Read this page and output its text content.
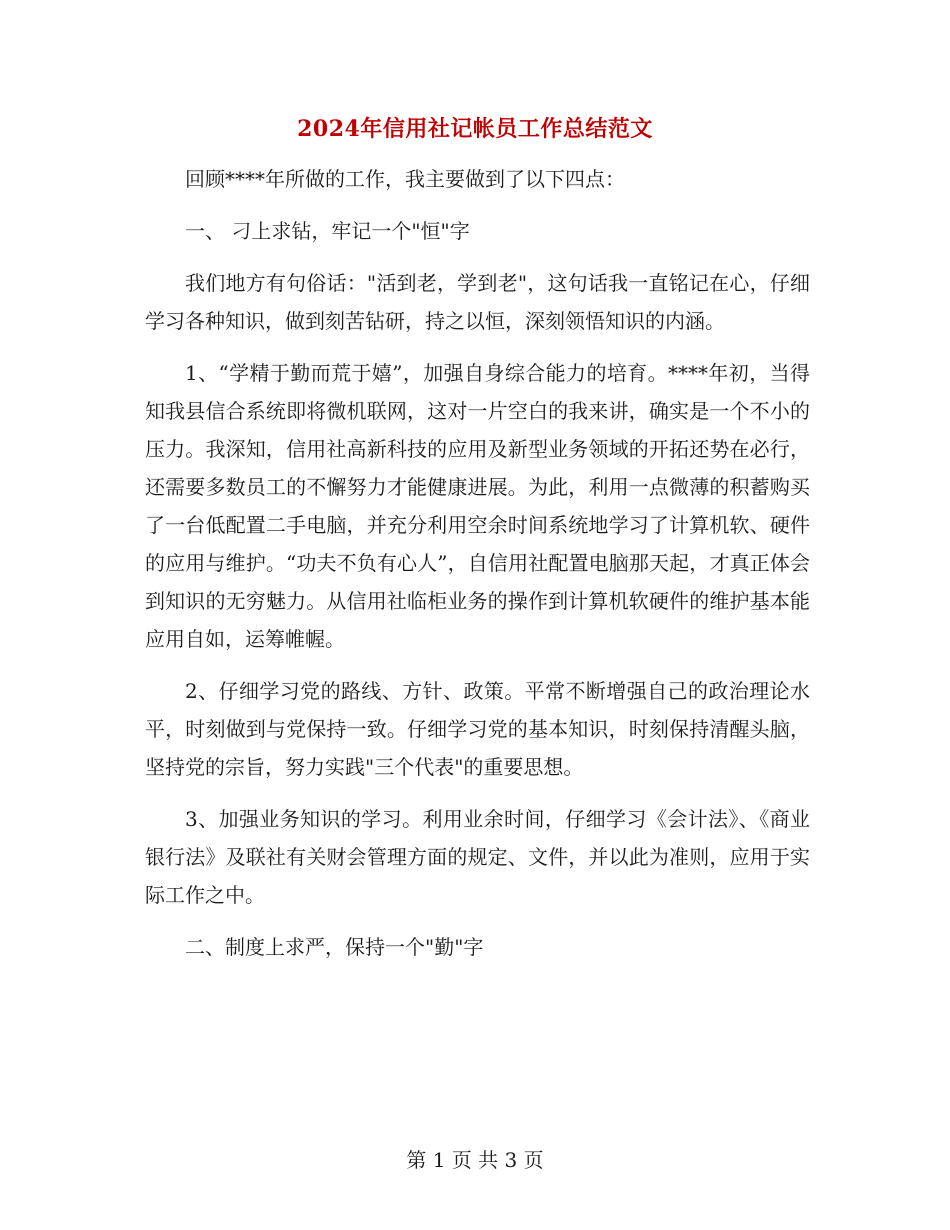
2024年信用社记帐员工作总结范文

回顾****年所做的工作，我主要做到了以下四点：

一、 刁上求钻，牢记一个"恒"字

我们地方有句俗话："活到老，学到老"，这句话我一直铭记在心，仔细学习各种知识，做到刻苦钻研，持之以恒，深刻领悟知识的内涵。

1、“学精于勤而荒于嬉”，加强自身综合能力的培育。****年初，当得知我县信合系统即将微机联网，这对一片空白的我来讲，确实是一个不小的压力。我深知，信用社高新科技的应用及新型业务领域的开拓还势在必行，还需要多数员工的不懈努力才能健康进展。为此，利用一点微薄的积蓄购买了一台低配置二手电脑，并充分利用空余时间系统地学习了计算机软、硬件的应用与维护。“功夫不负有心人”，自信用社配置电脑那天起，才真正体会到知识的无穷魅力。从信用社临柜业务的操作到计算机软硬件的维护基本能应用自如，运筹帷幄。

2、仔细学习党的路线、方针、政策。平常不断增强自己的政治理论水平，时刻做到与党保持一致。仔细学习党的基本知识，时刻保持清醒头脑，坚持党的宗旨，努力实践"三个代表"的重要思想。

3、加强业务知识的学习。利用业余时间，仔细学习《会计法》、《商业银行法》及联社有关财会管理方面的规定、文件，并以此为准则，应用于实际工作之中。

二、制度上求严，保持一个"勤"字

第 1 页 共 3 页
